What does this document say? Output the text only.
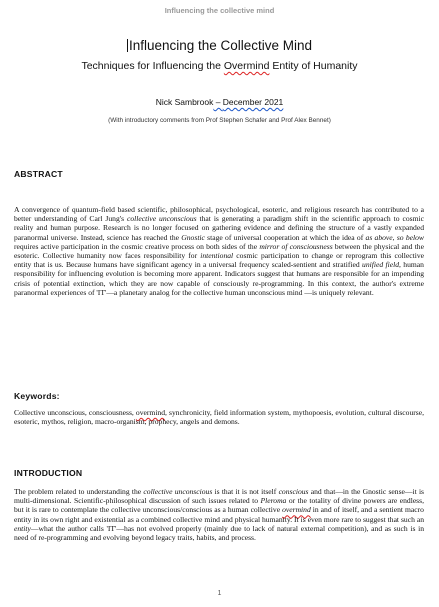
Influencing the collective mind
Influencing the Collective Mind
Techniques for Influencing the Overmind Entity of Humanity
Nick Sambrook – December 2021
(With introductory comments from Prof Stephen Schafer and Prof Alex Bennet)
ABSTRACT
A convergence of quantum-field based scientific, philosophical, psychological, esoteric, and religious research has contributed to a better understanding of Carl Jung's collective unconscious that is generating a paradigm shift in the scientific approach to cosmic reality and human purpose. Research is no longer focused on gathering evidence and defining the structure of a vastly expanded paranormal universe. Instead, science has reached the Gnostic stage of universal cooperation at which the idea of as above, so below requires active participation in the cosmic creative process on both sides of the mirror of consciousness between the physical and the esoteric. Collective humanity now faces responsibility for intentional cosmic participation to change or reprogram this collective entity that is us. Because humans have significant agency in a universal frequency scaled-sentient and stratified unified field, human responsibility for influencing evolution is becoming more apparent. Indicators suggest that humans are responsible for an impending crisis of potential extinction, which they are now capable of consciously re-programming. In this context, the author's extreme paranormal experiences of 'IT'—a planetary analog for the collective human unconscious mind —is uniquely relevant.
Keywords:
Collective unconscious, consciousness, overmind, synchronicity, field information system, mythopoesis, evolution, cultural discourse, esoteric, mythos, religion, macro-organism, prophecy, angels and demons.
INTRODUCTION
The problem related to understanding the collective unconscious is that it is not itself conscious and that—in the Gnostic sense—it is multi-dimensional. Scientific-philosophical discussion of such issues related to Pleroma or the totality of divine powers are endless, but it is rare to contemplate the collective unconscious/conscious as a human collective overmind in and of itself, and a sentient macro entity in its own right and existential as a combined collective mind and physical humanity. It is even more rare to suggest that such an entity—what the author calls 'IT'—has not evolved properly (mainly due to lack of natural external competition), and as such is in need of re-programming and evolving beyond legacy traits, habits, and process.
1
